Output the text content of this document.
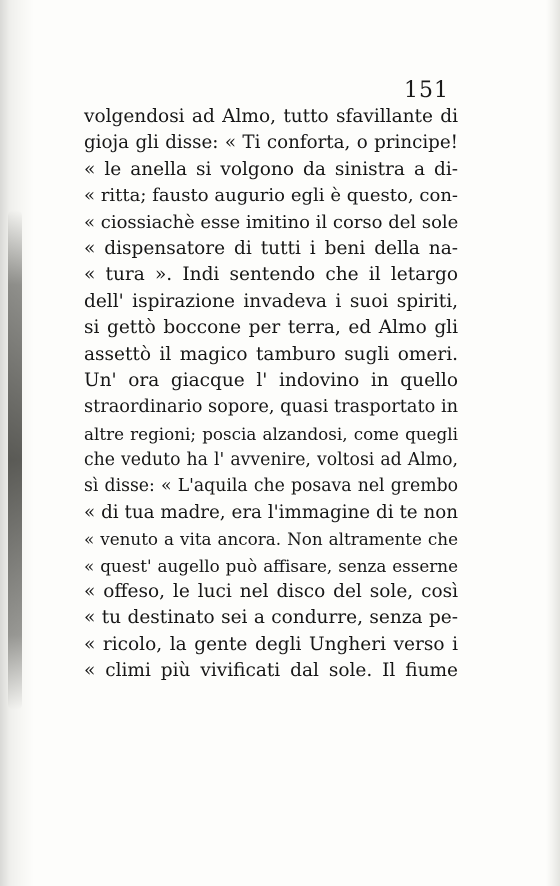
151
volgendosi ad Almo, tutto sfavillante di
gioja gli disse: « Ti conforta, o principe!
« le anella si volgono da sinistra a di-
« ritta; fausto augurio egli è questo, con-
« ciossiachè esse imitino il corso del sole
« dispensatore di tutti i beni della na-
« tura ». Indi sentendo che il letargo
dell' ispirazione invadeva i suoi spiriti,
si gettò boccone per terra, ed Almo gli
assettò il magico tamburo sugli omeri.
Un' ora giacque l' indovino in quello
straordinario sopore, quasi trasportato in
altre regioni; poscia alzandosi, come quegli
che veduto ha l' avvenire, voltosi ad Almo,
sì disse: « L'aquila che posava nel grembo
« di tua madre, era l'immagine di te non
« venuto a vita ancora. Non altramente che
« quest' augello può affisare, senza esserne
« offeso, le luci nel disco del sole, così
« tu destinato sei a condurre, senza pe-
« ricolo, la gente degli Ungheri verso i
« climi più vivificati dal sole. Il fiume
